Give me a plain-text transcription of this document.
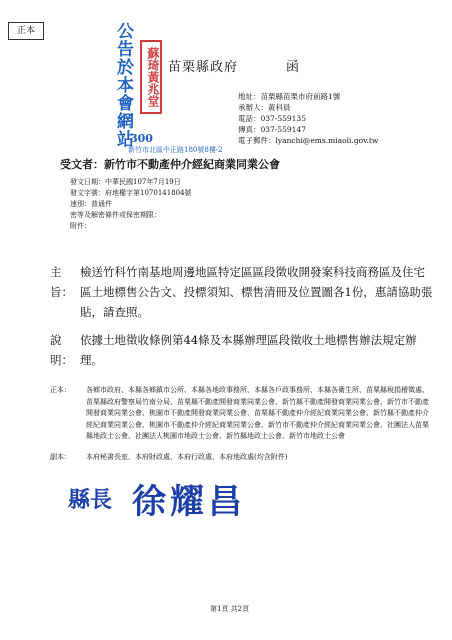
正本	公告於本會網站	蘇琦黃兆堂
300
新竹市北區中正路180號8樓-2
苗栗縣政府	函
地址：苗栗縣苗栗市府前路1號
承辦人：黃科員
電話：037-559135
傳真：037-559147
電子郵件：lyanchi@ems.miaoli.gov.tw
受文者：新竹市不動產仲介經紀商業同業公會
發文日期：中華民國107年7月19日
發文字號：府地權字第1070141804號
速別：普通件
密等及解密條件或保密期限：
附件：
主旨：
檢送竹科竹南基地周邊地區特定區區段徵收開發案科技商務區及住宅區土地標售公告文、投標須知、標售清冊及位置圖各1份，惠請協助張貼，請查照。
說明：
依據土地徵收條例第44條及本縣辦理區段徵收土地標售辦法規定辦理。
正本：	各鄉市政府、本縣各鄉鎮市公所、本縣各地政事務所、本縣各戶政事務所、本縣各衛生所、苗栗縣稅捐稽徵處、苗栗縣政府警察局竹南分局、苗栗縣不動產開發商業同業公會、新竹縣不動產開發商業同業公會、新竹市不動產開發商業同業公會、桃園市不動產開發商業同業公會、苗栗縣不動產仲介經紀商業同業公會、新竹縣不動產仲介經紀商業同業公會、桃園市不動產仲介經紀商業同業公會、新竹市不動產仲介經紀商業同業公會、社團法人苗栗縣地政士公會、社團法人桃園市地政士公會、新竹縣地政士公會、新竹市地政士公會
副本：	本府秘書長室、本府財政處、本府行政處、本府地政處(均含附件)
縣長 徐耀昌
第1頁 共2頁
